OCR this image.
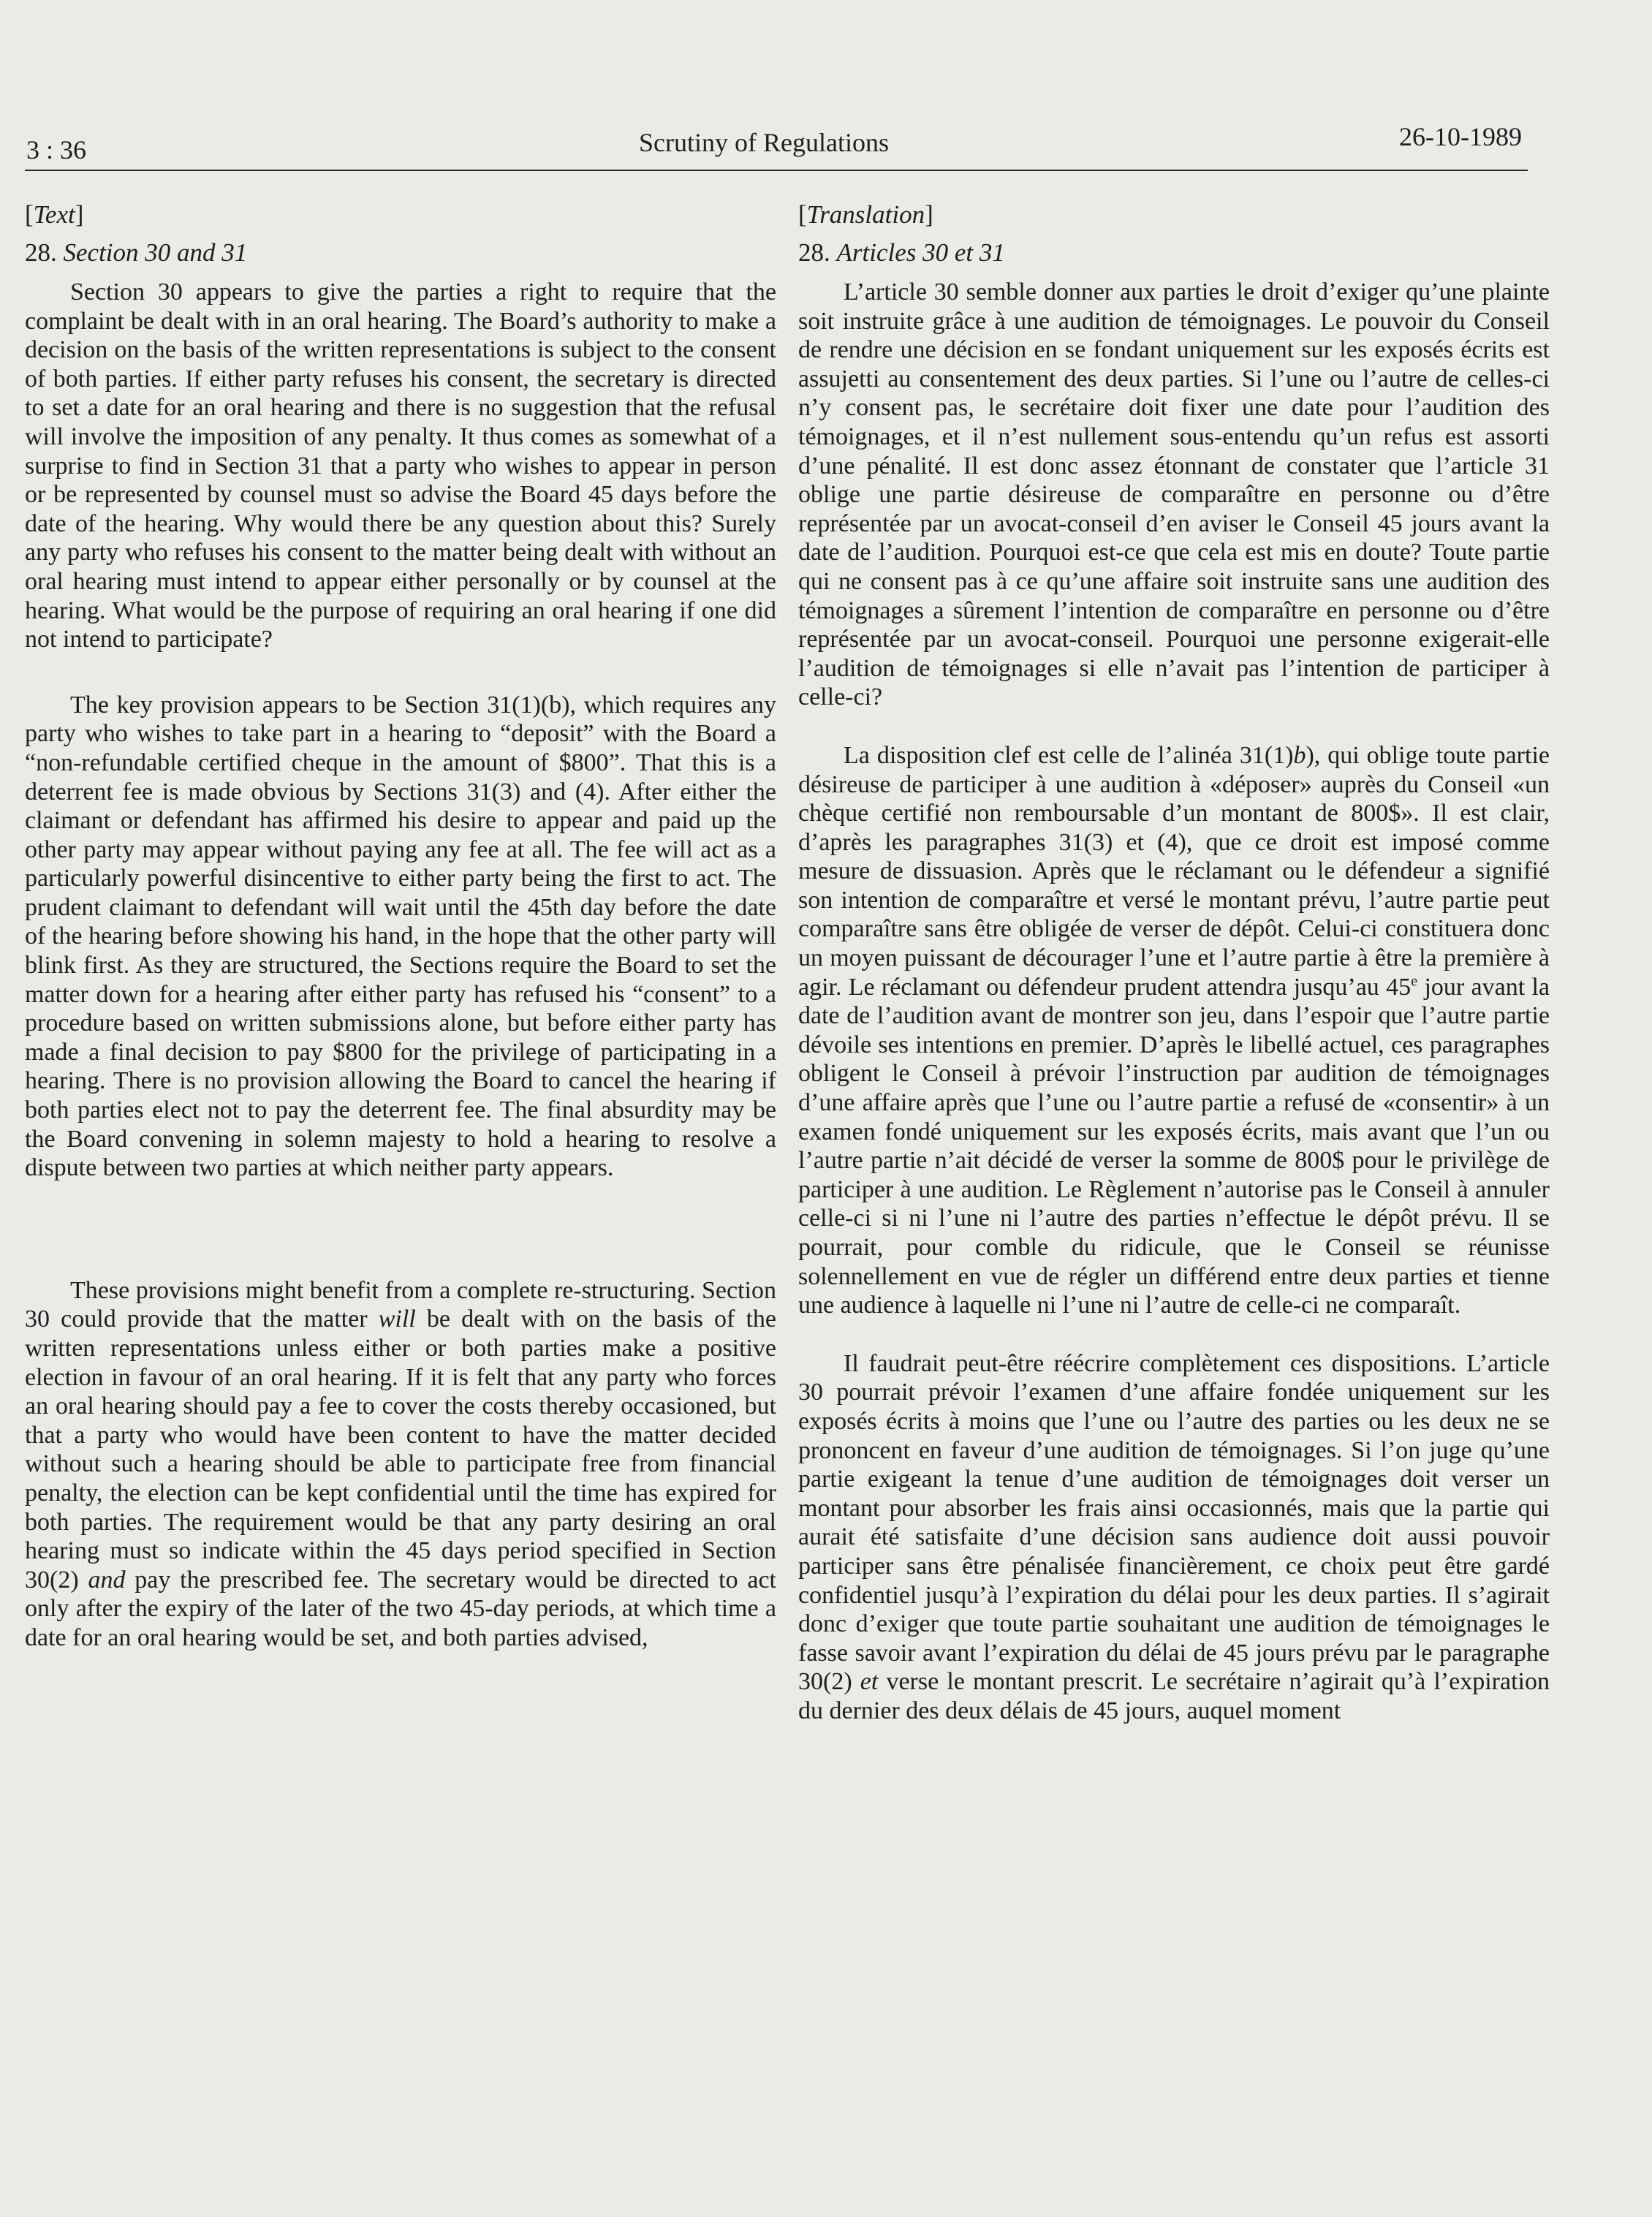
3 : 36	Scrutiny of Regulations	26-10-1989
[Text]
28. Section 30 and 31

Section 30 appears to give the parties a right to require that the complaint be dealt with in an oral hearing. The Board’s authority to make a decision on the basis of the written representations is subject to the consent of both parties. If either party refuses his consent, the secretary is directed to set a date for an oral hearing and there is no suggestion that the refusal will involve the imposition of any penalty. It thus comes as somewhat of a surprise to find in Section 31 that a party who wishes to appear in person or be represented by counsel must so advise the Board 45 days before the date of the hearing. Why would there be any question about this? Surely any party who refuses his consent to the matter being dealt with without an oral hearing must intend to appear either personally or by counsel at the hearing. What would be the purpose of requiring an oral hearing if one did not intend to participate?

The key provision appears to be Section 31(1)(b), which requires any party who wishes to take part in a hearing to “deposit” with the Board a “non-refundable certified cheque in the amount of $800”. That this is a deterrent fee is made obvious by Sections 31(3) and (4). After either the claimant or defendant has affirmed his desire to appear and paid up the other party may appear without paying any fee at all. The fee will act as a particularly powerful disincentive to either party being the first to act. The prudent claimant to defendant will wait until the 45th day before the date of the hearing before showing his hand, in the hope that the other party will blink first. As they are structured, the Sections require the Board to set the matter down for a hearing after either party has refused his “consent” to a procedure based on written submissions alone, but before either party has made a final decision to pay $800 for the privilege of participating in a hearing. There is no provision allowing the Board to cancel the hearing if both parties elect not to pay the deterrent fee. The final absurdity may be the Board convening in solemn majesty to hold a hearing to resolve a dispute between two parties at which neither party appears.

These provisions might benefit from a complete re-structuring. Section 30 could provide that the matter will be dealt with on the basis of the written representations unless either or both parties make a positive election in favour of an oral hearing. If it is felt that any party who forces an oral hearing should pay a fee to cover the costs thereby occasioned, but that a party who would have been content to have the matter decided without such a hearing should be able to participate free from financial penalty, the election can be kept confidential until the time has expired for both parties. The requirement would be that any party desiring an oral hearing must so indicate within the 45 days period specified in Section 30(2) and pay the prescribed fee. The secretary would be directed to act only after the expiry of the later of the two 45-day periods, at which time a date for an oral hearing would be set, and both parties advised,

[Translation]
28. Articles 30 et 31

L’article 30 semble donner aux parties le droit d’exiger qu’une plainte soit instruite grâce à une audition de témoignages. Le pouvoir du Conseil de rendre une décision en se fondant uniquement sur les exposés écrits est assujetti au consentement des deux parties. Si l’une ou l’autre de celles-ci n’y consent pas, le secrétaire doit fixer une date pour l’audition des témoignages, et il n’est nullement sous-entendu qu’un refus est assorti d’une pénalité. Il est donc assez étonnant de constater que l’article 31 oblige une partie désireuse de comparaître en personne ou d’être représentée par un avocat-conseil d’en aviser le Conseil 45 jours avant la date de l’audition. Pourquoi est-ce que cela est mis en doute? Toute partie qui ne consent pas à ce qu’une affaire soit instruite sans une audition des témoignages a sûrement l’intention de comparaître en personne ou d’être représentée par un avocat-conseil. Pourquoi une personne exigerait-elle l’audition de témoignages si elle n’avait pas l’intention de participer à celle-ci?

La disposition clef est celle de l’alinéa 31(1)b), qui oblige toute partie désireuse de participer à une audition à «déposer» auprès du Conseil «un chèque certifié non remboursable d’un montant de 800$». Il est clair, d’après les paragraphes 31(3) et (4), que ce droit est imposé comme mesure de dissuasion. Après que le réclamant ou le défendeur a signifié son intention de comparaître et versé le montant prévu, l’autre partie peut comparaître sans être obligée de verser de dépôt. Celui-ci constituera donc un moyen puissant de décourager l’une et l’autre partie à être la première à agir. Le réclamant ou défendeur prudent attendra jusqu’au 45e jour avant la date de l’audition avant de montrer son jeu, dans l’espoir que l’autre partie dévoile ses intentions en premier. D’après le libellé actuel, ces paragraphes obligent le Conseil à prévoir l’instruction par audition de témoignages d’une affaire après que l’une ou l’autre partie a refusé de «consentir» à un examen fondé uniquement sur les exposés écrits, mais avant que l’un ou l’autre partie n’ait décidé de verser la somme de 800$ pour le privilège de participer à une audition. Le Règlement n’autorise pas le Conseil à annuler celle-ci si ni l’une ni l’autre des parties n’effectue le dépôt prévu. Il se pourrait, pour comble du ridicule, que le Conseil se réunisse solennellement en vue de régler un différend entre deux parties et tienne une audience à laquelle ni l’une ni l’autre de celle-ci ne comparaît.

Il faudrait peut-être réécrire complètement ces dispositions. L’article 30 pourrait prévoir l’examen d’une affaire fondée uniquement sur les exposés écrits à moins que l’une ou l’autre des parties ou les deux ne se prononcent en faveur d’une audition de témoignages. Si l’on juge qu’une partie exigeant la tenue d’une audition de témoignages doit verser un montant pour absorber les frais ainsi occasionnés, mais que la partie qui aurait été satisfaite d’une décision sans audience doit aussi pouvoir participer sans être pénalisée financièrement, ce choix peut être gardé confidentiel jusqu’à l’expiration du délai pour les deux parties. Il s’agirait donc d’exiger que toute partie souhaitant une audition de témoignages le fasse savoir avant l’expiration du délai de 45 jours prévu par le paragraphe 30(2) et verse le montant prescrit. Le secrétaire n’agirait qu’à l’expiration du dernier des deux délais de 45 jours, auquel moment
